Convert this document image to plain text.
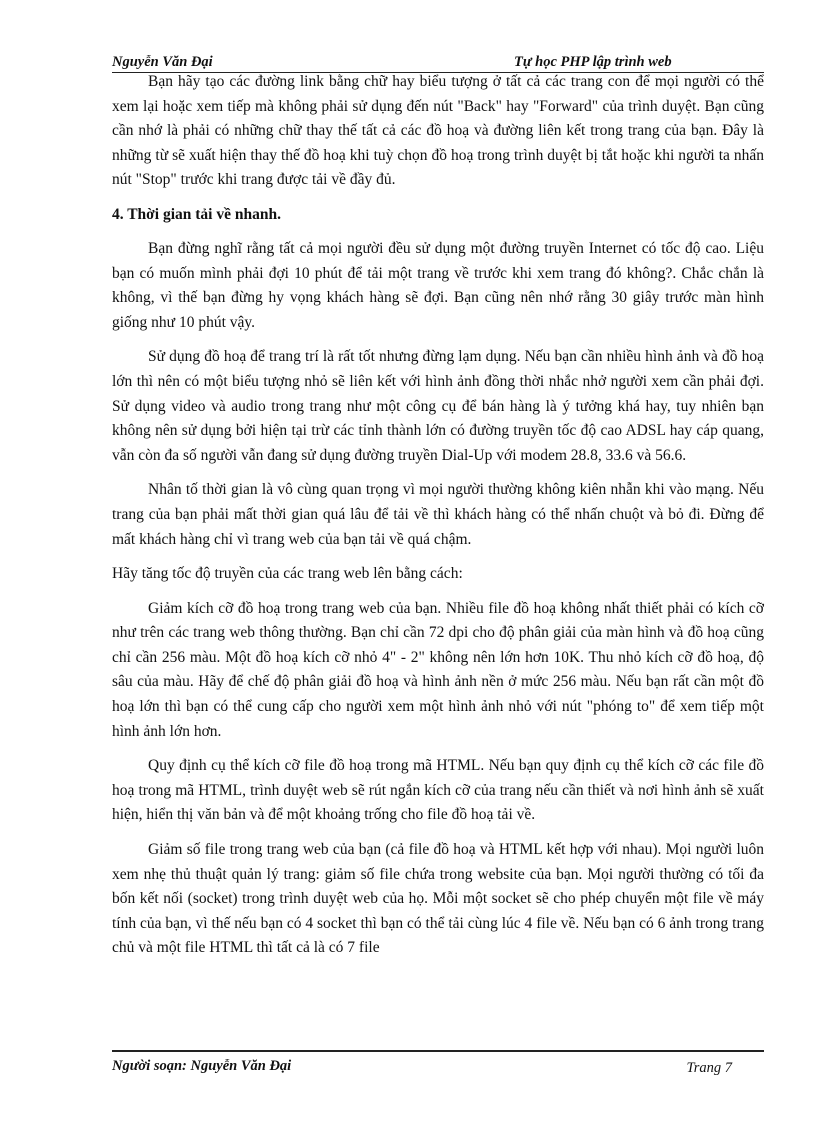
Nguyễn Văn Đại	Tự học PHP lập trình web

Bạn hãy tạo các đường link bằng chữ hay biểu tượng ở tất cả các trang con để mọi người có thể xem lại hoặc xem tiếp mà không phải sử dụng đến nút "Back" hay "Forward" của trình duyệt. Bạn cũng cần nhớ là phải có những chữ thay thế tất cả các đồ hoạ và đường liên kết trong trang của bạn. Đây là những từ sẽ xuất hiện thay thế đồ hoạ khi tuỳ chọn đồ hoạ trong trình duyệt bị tắt hoặc khi người ta nhấn nút "Stop" trước khi trang được tải về đầy đủ.

4. Thời gian tải về nhanh.

Bạn đừng nghĩ rằng tất cả mọi người đều sử dụng một đường truyền Internet có tốc độ cao. Liệu bạn có muốn mình phải đợi 10 phút để tải một trang về trước khi xem trang đó không?. Chắc chắn là không, vì thế bạn đừng hy vọng khách hàng sẽ đợi. Bạn cũng nên nhớ rằng 30 giây trước màn hình giống như 10 phút vậy.

Sử dụng đồ hoạ để trang trí là rất tốt nhưng đừng lạm dụng. Nếu bạn cần nhiều hình ảnh và đồ hoạ lớn thì nên có một biểu tượng nhỏ sẽ liên kết với hình ảnh đồng thời nhắc nhở người xem cần phải đợi. Sử dụng video và audio trong trang như một công cụ để bán hàng là ý tưởng khá hay, tuy nhiên bạn không nên sử dụng bởi hiện tại trừ các tỉnh thành lớn có đường truyền tốc độ cao ADSL hay cáp quang, vẫn còn đa số người vẫn đang sử dụng đường truyền Dial-Up với modem 28.8, 33.6 và 56.6.

Nhân tố thời gian là vô cùng quan trọng vì mọi người thường không kiên nhẫn khi vào mạng. Nếu trang của bạn phải mất thời gian quá lâu để tải về thì khách hàng có thể nhấn chuột và bỏ đi. Đừng để mất khách hàng chỉ vì trang web của bạn tải về quá chậm.

Hãy tăng tốc độ truyền của các trang web lên bằng cách:

Giảm kích cỡ đồ hoạ trong trang web của bạn. Nhiều file đồ hoạ không nhất thiết phải có kích cỡ như trên các trang web thông thường. Bạn chỉ cần 72 dpi cho độ phân giải của màn hình và đồ hoạ cũng chỉ cần 256 màu. Một đồ hoạ kích cỡ nhỏ 4" - 2" không nên lớn hơn 10K. Thu nhỏ kích cỡ đồ hoạ, độ sâu của màu. Hãy để chế độ phân giải đồ hoạ và hình ảnh nền ở mức 256 màu. Nếu bạn rất cần một đồ hoạ lớn thì bạn có thể cung cấp cho người xem một hình ảnh nhỏ với nút "phóng to" để xem tiếp một hình ảnh lớn hơn.

Quy định cụ thể kích cỡ file đồ hoạ trong mã HTML. Nếu bạn quy định cụ thể kích cỡ các file đồ hoạ trong mã HTML, trình duyệt web sẽ rút ngắn kích cỡ của trang nếu cần thiết và nơi hình ảnh sẽ xuất hiện, hiển thị văn bản và để một khoảng trống cho file đồ hoạ tải về.

Giảm số file trong trang web của bạn (cả file đồ hoạ và HTML kết hợp với nhau). Mọi người luôn xem nhẹ thủ thuật quản lý trang: giảm số file chứa trong website của bạn. Mọi người thường có tối đa bốn kết nối (socket) trong trình duyệt web của họ. Mỗi một socket sẽ cho phép chuyển một file về máy tính của bạn, vì thế nếu bạn có 4 socket thì bạn có thể tải cùng lúc 4 file về. Nếu bạn có 6 ảnh trong trang chủ và một file HTML thì tất cả là có 7 file

Người soạn: Nguyễn Văn Đại	Trang 7
